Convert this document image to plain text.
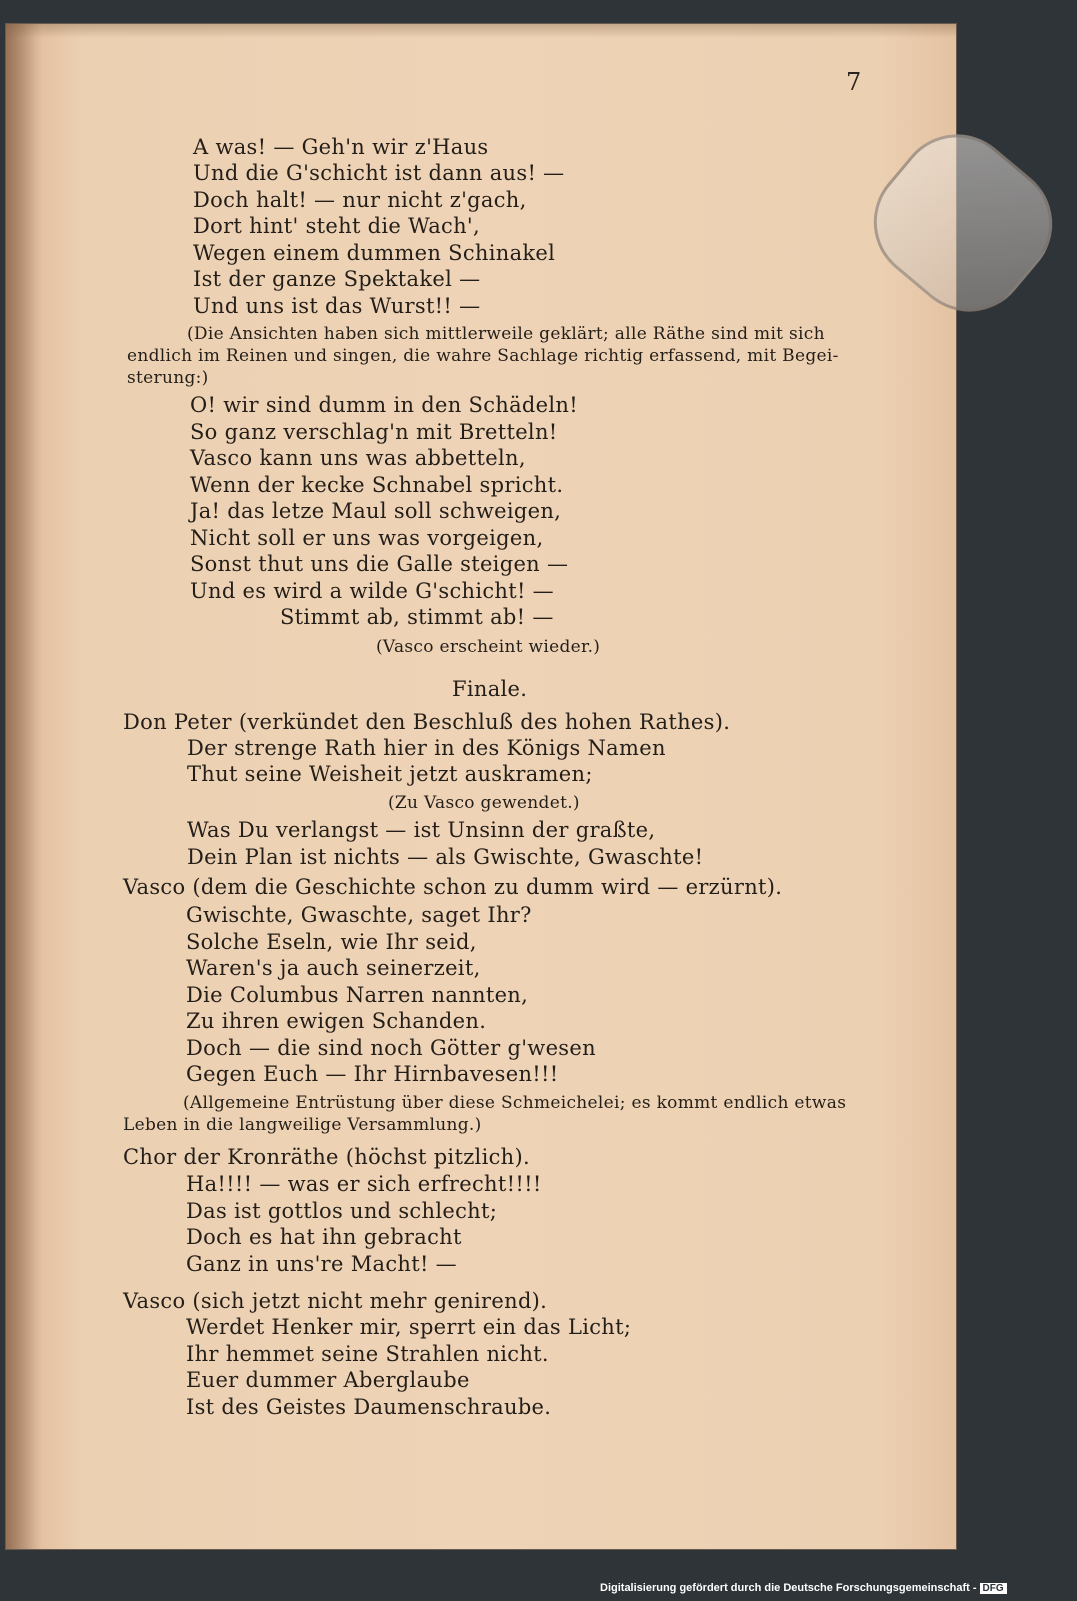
7
A was! — Geh'n wir z'Haus
Und die G'schicht ist dann aus! —
Doch halt! — nur nicht z'gach,
Dort hint' steht die Wach',
Wegen einem dummen Schinakel
Ist der ganze Spektakel —
Und uns ist das Wurst!! —
(Die Ansichten haben sich mittlerweile geklärt; alle Räthe sind mit sich
endlich im Reinen und singen, die wahre Sachlage richtig erfassend, mit Begei-
sterung:)
O! wir sind dumm in den Schädeln!
So ganz verschlag'n mit Bretteln!
Vasco kann uns was abbetteln,
Wenn der kecke Schnabel spricht.
Ja! das letze Maul soll schweigen,
Nicht soll er uns was vorgeigen,
Sonst thut uns die Galle steigen —
Und es wird a wilde G'schicht! —
Stimmt ab, stimmt ab! —
(Vasco erscheint wieder.)
Finale.
Don Peter (verkündet den Beschluß des hohen Rathes).
Der strenge Rath hier in des Königs Namen
Thut seine Weisheit jetzt auskramen;
(Zu Vasco gewendet.)
Was Du verlangst — ist Unsinn der graßte,
Dein Plan ist nichts — als Gwischte, Gwaschte!
Vasco (dem die Geschichte schon zu dumm wird — erzürnt).
Gwischte, Gwaschte, saget Ihr?
Solche Eseln, wie Ihr seid,
Waren's ja auch seinerzeit,
Die Columbus Narren nannten,
Zu ihren ewigen Schanden.
Doch — die sind noch Götter g'wesen
Gegen Euch — Ihr Hirnbavesen!!!
(Allgemeine Entrüstung über diese Schmeichelei; es kommt endlich etwas
Leben in die langweilige Versammlung.)
Chor der Kronräthe (höchst pitzlich).
Ha!!!! — was er sich erfrecht!!!!
Das ist gottlos und schlecht;
Doch es hat ihn gebracht
Ganz in uns're Macht! —
Vasco (sich jetzt nicht mehr genirend).
Werdet Henker mir, sperrt ein das Licht;
Ihr hemmet seine Strahlen nicht.
Euer dummer Aberglaube
Ist des Geistes Daumenschraube.
Digitalisierung gefördert durch die Deutsche Forschungsgemeinschaft - DFG
